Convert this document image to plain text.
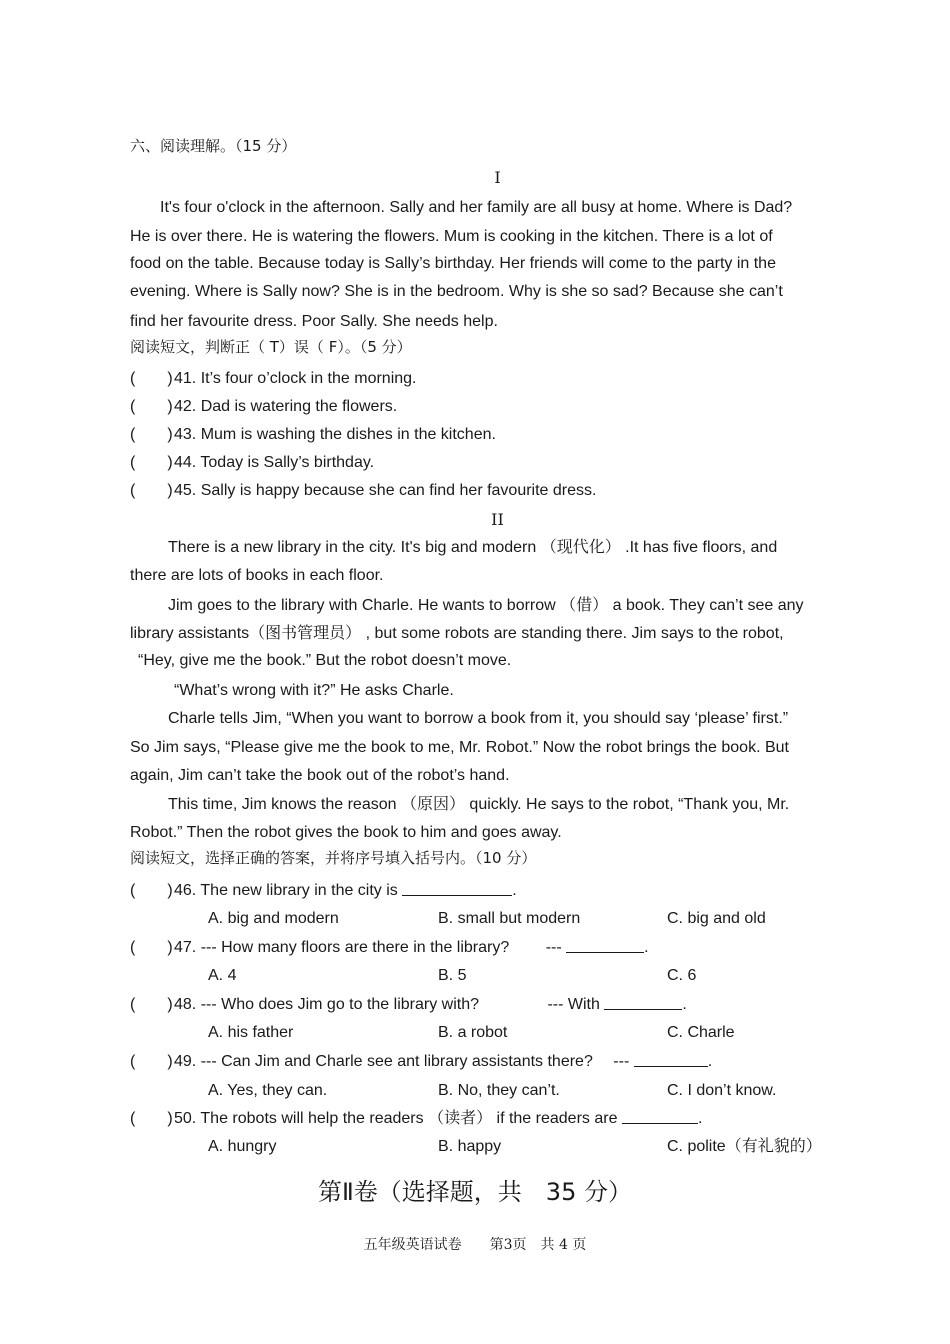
六、阅读理解。（15 分）
I
It's four o'clock in the afternoon. Sally and her family are all busy at home. Where is Dad?
He is over there. He is watering the flowers. Mum is cooking in the kitchen. There is a lot of
food on the table. Because today is Sally’s birthday. Her friends will come to the party in the
evening. Where is Sally now? She is in the bedroom. Why is she so sad? Because she can’t
find her favourite dress. Poor Sally. She needs help.
阅读短文，判断正（ T）误（ F）。（5 分）
(　　) 41. It’s four o’clock in the morning.
(　　) 42. Dad is watering the flowers.
(　　) 43. Mum is washing the dishes in the kitchen.
(　　) 44. Today is Sally’s birthday.
(　　) 45. Sally is happy because she can find her favourite dress.
II
There is a new library in the city. It's big and modern （现代化） .It has five floors, and
there are lots of books in each floor.
Jim goes to the library with Charle. He wants to borrow （借） a book. They can’t see any
library assistants（图书管理员） , but some robots are standing there. Jim says to the robot,
“Hey, give me the book.” But the robot doesn’t move.
“What’s wrong with it?” He asks Charle.
Charle tells Jim, “When you want to borrow a book from it, you should say ‘please’ first.”
So Jim says, “Please give me the book to me, Mr. Robot.” Now the robot brings the book. But
again, Jim can’t take the book out of the robot’s hand.
This time, Jim knows the reason （原因） quickly. He says to the robot, “Thank you, Mr.
Robot.” Then the robot gives the book to him and goes away.
阅读短文，选择正确的答案，并将序号填入括号内。（10 分）
(　　) 46. The new library in the city is
	.
A. big and modern	B. small but modern	C. big and old
(　　) 47. --- How many floors are there in the library?　　 ---
	.
A. 4	B. 5	C. 6
(　　) 48. --- Who does Jim go to the library with?　　　　 --- With
	.
A. his father	B. a robot	C. Charle
(　　) 49. --- Can Jim and Charle see ant library assistants there?　 ---
	.
A. Yes, they can.	B. No, they can’t.	C. I don’t know.
(　　) 50. The robots will help the readers （读者） if the readers are
	.
A. hungry	B. happy	C. polite（有礼貌的）
第Ⅱ卷（选择题，共　35 分）
五年级英语试卷　　第3页　共 4 页
